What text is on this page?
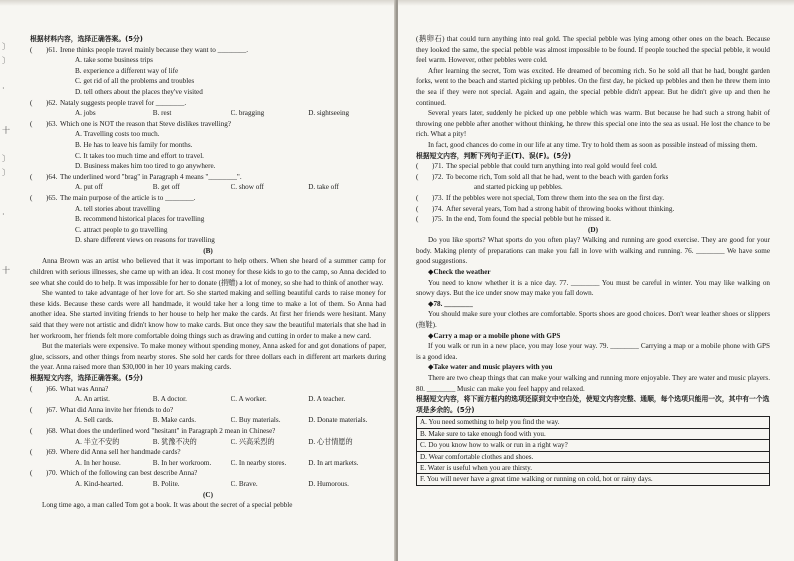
〕
〕

·

十

〕
〕

·

十
根据材料内容，选择正确答案。(5分)
(	)61. Irene thinks people travel mainly because they want to ________.
A. take some business trips
B. experience a different way of life
C. get rid of all the problems and troubles
D. tell others about the places they've visited
(	)62. Nataly suggests people travel for ________.
A. jobs	B. rest	C. bragging	D. sightseeing
(	)63. Which one is NOT the reason that Steve dislikes travelling?
A. Travelling costs too much.
B. He has to leave his family for months.
C. It takes too much time and effort to travel.
D. Business makes him too tired to go anywhere.
(	)64. The underlined word "brag" in Paragraph 4 means "________".
A. put off	B. get off	C. show off	D. take off
(	)65. The main purpose of the article is to ________.
A. tell stories about travelling
B. recommend historical places for travelling
C. attract people to go travelling
D. share different views on reasons for travelling
(B)
Anna Brown was an artist who believed that it was important to help others. When she heard of a summer camp for children with serious illnesses, she came up with an idea. It cost money for these kids to go to the camp, so Anna decided to see what she could do to help. It was impossible for her to donate (捐赠) a lot of money, so she had to think of another way.
She wanted to take advantage of her love for art. So she started making and selling beautiful cards to raise money for these kids. Because these cards were all handmade, it would take her a long time to make a lot of them. So Anna had another idea. She started inviting friends to her house to help her make the cards. At first her friends were hesitant. Many said that they were not artistic and didn't know how to make cards. But once they saw the beautiful materials that she had in her workroom, her friends felt more comfortable doing things such as drawing and cutting in order to make a new card.
But the materials were expensive. To make money without spending money, Anna asked for and got donations of paper, glue, scissors, and other things from nearby stores. She sold her cards for three dollars each in different art markets during the year. Anna raised more than $30,000 in her 10 years making cards.
根据短文内容，选择正确答案。(5分)
(	)66. What was Anna?
A. An artist.	B. A doctor.	C. A worker.	D. A teacher.
(	)67. What did Anna invite her friends to do?
A. Sell cards.	B. Make cards.	C. Buy materials.	D. Donate materials.
(	)68. What does the underlined word "hesitant" in Paragraph 2 mean in Chinese?
A. 半立不安的	B. 犹豫不决的	C. 兴高采烈的	D. 心甘情愿的
(	)69. Where did Anna sell her handmade cards?
A. In her house.	B. In her workroom.	C. In nearby stores.	D. In art markets.
(	)70. Which of the following can best describe Anna?
A. Kind-hearted.	B. Polite.	C. Brave.	D. Humorous.
(C)
Long time ago, a man called Tom got a book. It was about the secret of a special pebble
(鹅卵石) that could turn anything into real gold. The special pebble was lying among other ones on the beach. Because they looked the same, the special pebble was almost impossible to be found. If people touched the special pebble, it would feel warm. However, other pebbles were cold.
After learning the secret, Tom was excited. He dreamed of becoming rich. So he sold all that he had, bought garden forks, went to the beach and started picking up pebbles. On the first day, he picked up pebbles and then he threw them into the sea if they were not special. Again and again, the special pebble didn't appear. But he didn't give up and then he continued.
Several years later, suddenly he picked up one pebble which was warm. But because he had such a strong habit of throwing one pebble after another without thinking, he threw this special one into the sea as usual. He lost the chance to be rich. What a pity!
In fact, good chances do come in our life at any time. Try to hold them as soon as possible instead of missing them.
根据短文内容，判断下列句子正(T)、误(F)。(5分)
(	)71. The special pebble that could turn anything into real gold would feel cold.
(	)72. To become rich, Tom sold all that he had, went to the beach with garden forks
and started picking up pebbles.
(	)73. If the pebbles were not special, Tom threw them into the sea on the first day.
(	)74. After several years, Tom had a strong habit of throwing books without thinking.
(	)75. In the end, Tom found the special pebble but he missed it.
(D)
Do you like sports? What sports do you often play? Walking and running are good exercise. They are good for your body. Making plenty of preparations can make you fall in love with walking and running. 76. ________ We have some good suggestions.
◆Check the weather
You need to know whether it is a nice day. 77. ________ You must be careful in winter. You may like walking on snowy days. But the ice under snow may make you fall down.
◆78. ________
You should make sure your clothes are comfortable. Sports shoes are good choices. Don't wear leather shoes or slippers (拖鞋).
◆Carry a map or a mobile phone with GPS
If you walk or run in a new place, you may lose your way. 79. ________ Carrying a map or a mobile phone with GPS is a good idea.
◆Take water and music players with you
There are two cheap things that can make your walking and running more enjoyable. They are water and music players. 80. ________ Music can make you feel happy and relaxed.
根据短文内容，将下面方框内的选项还原到文中空白处，使短文内容完整、通顺，每个选项只能用一次，其中有一个选项是多余的。(5分)
A. You need something to help you find the way.
B. Make sure to take enough food with you.
C. Do you know how to walk or run in a right way?
D. Wear comfortable clothes and shoes.
E. Water is useful when you are thirsty.
F. You will never have a great time walking or running on cold, hot or rainy days.
